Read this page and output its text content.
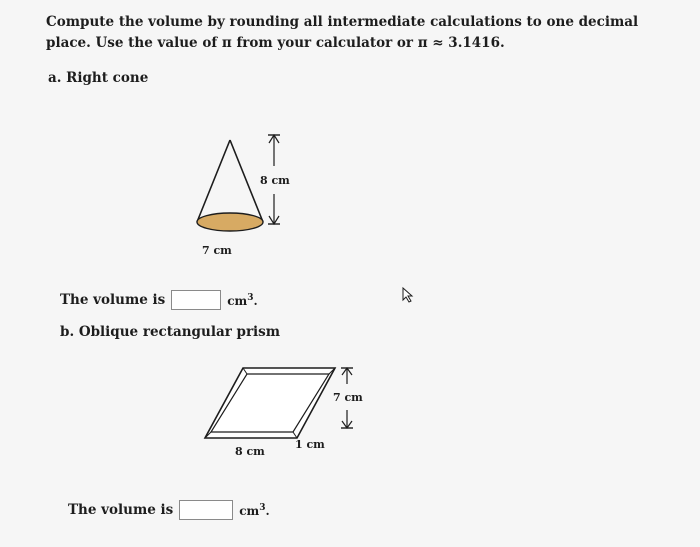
Compute the volume by rounding all intermediate calculations to one decimal place. Use the value of π from your calculator or π ≈ 3.1416.
a. Right cone
8 cm
7 cm
The volume is	$cm^3$.
b. Oblique rectangular prism
8 cm
1 cm
7 cm
The volume is	$cm^3$.
